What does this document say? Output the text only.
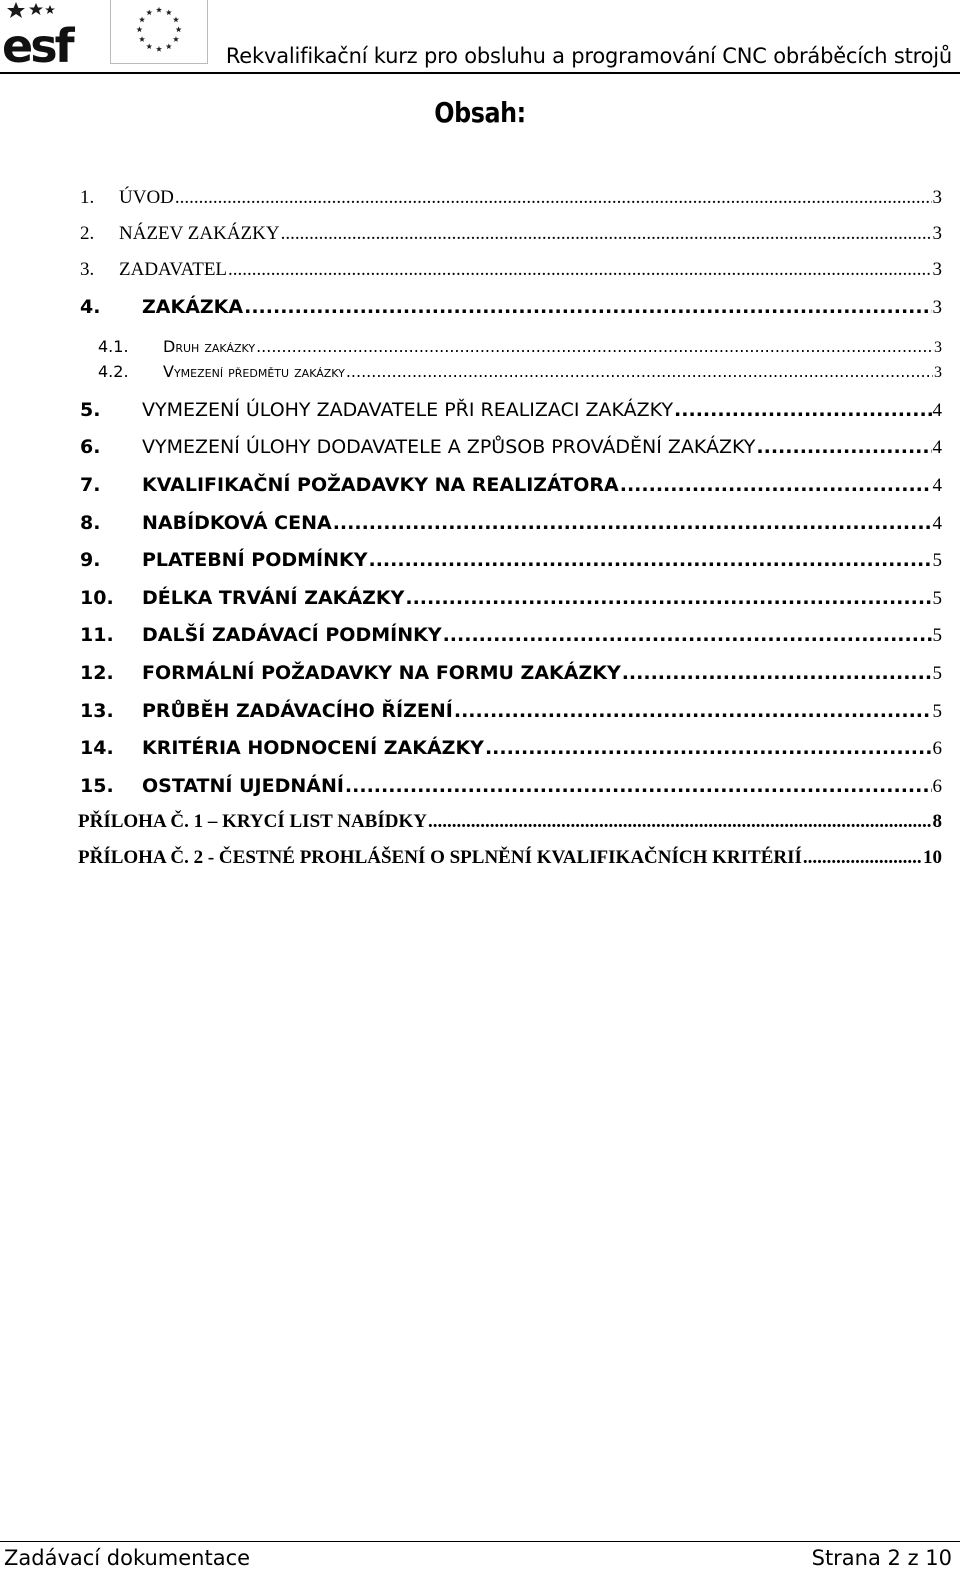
esf	Rekvalifikační kurz pro obsluhu a programování CNC obráběcích strojů
Obsah:
1. ÚVOD .....	3
2. NÁZEV ZAKÁZKY .....	3
3. ZADAVATEL .....	3
4. ZAKÁZKA .....	3
4.1. Druh zakázky .....	3
4.2. Vymezení předmětu zakázky .....	3
5. VYMEZENÍ ÚLOHY ZADAVATELE PŘI REALIZACI ZAKÁZKY .....	4
6. VYMEZENÍ ÚLOHY DODAVATELE A ZPŮSOB PROVÁDĚNÍ ZAKÁZKY .....	4
7. KVALIFIKAČNÍ POŽADAVKY NA REALIZÁTORA .....	4
8. NABÍDKOVÁ CENA .....	4
9. PLATEBNÍ PODMÍNKY .....	5
10. DÉLKA TRVÁNÍ ZAKÁZKY .....	5
11. DALŠÍ ZADÁVACÍ PODMÍNKY .....	5
12. FORMÁLNÍ POŽADAVKY NA FORMU ZAKÁZKY .....	5
13. PRŮBĚH ZADÁVACÍHO ŘÍZENÍ .....	5
14. KRITÉRIA HODNOCENÍ ZAKÁZKY .....	6
15. OSTATNÍ UJEDNÁNÍ .....	6
PŘÍLOHA Č. 1 – KRYCÍ LIST NABÍDKY .....	8
PŘÍLOHA Č. 2 - ČESTNÉ PROHLÁŠENÍ O SPLNĚNÍ KVALIFIKAČNÍCH KRITÉRIÍ .....	10
Zadávací dokumentace	Strana 2 z 10
